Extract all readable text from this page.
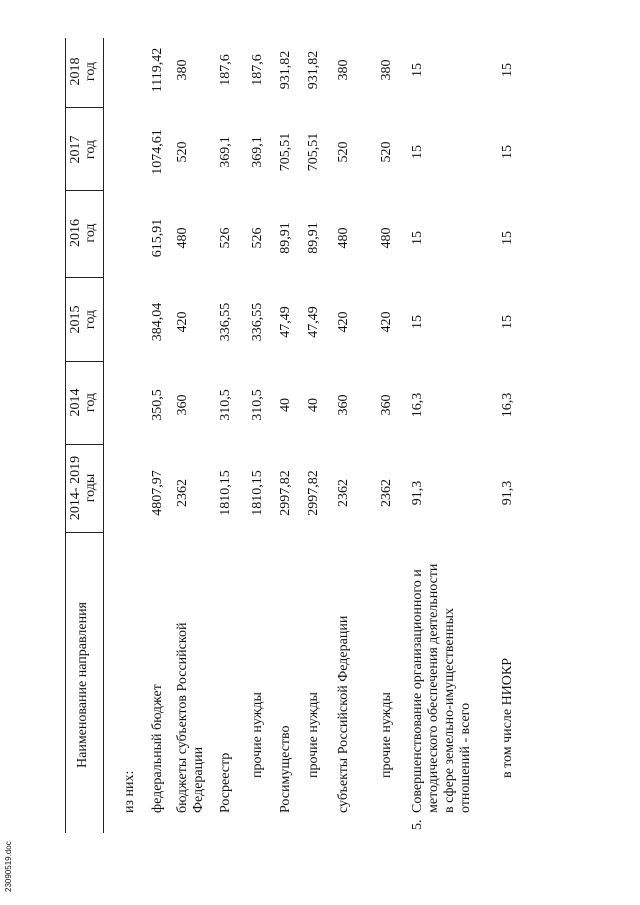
23090519.doc
Наименование направления
2014- 2019 годы
2014 год
2015 год
2016 год
2017 год
2018 год
из них: федеральный бюджет
4807,97
350,5
384,04
615,91
1074,61
1119,42
бюджеты субъектов Российской Федерации
2362
360
420
480
520
380
Росреестр
1810,15
310,5
336,55
526
369,1
187,6
прочие нужды
1810,15
310,5
336,55
526
369,1
187,6
Росимущество
2997,82
40
47,49
89,91
705,51
931,82
прочие нужды
2997,82
40
47,49
89,91
705,51
931,82
субъекты Российской Федерации
2362
360
420
480
520
380
прочие нужды
2362
360
420
480
520
380
5.
Совершенствование организационного и методического обеспечения деятельности в сфере земельно-имущественных отношений - всего
91,3
16,3
15
15
15
15
в том числе НИОКР
91,3
16,3
15
15
15
15
